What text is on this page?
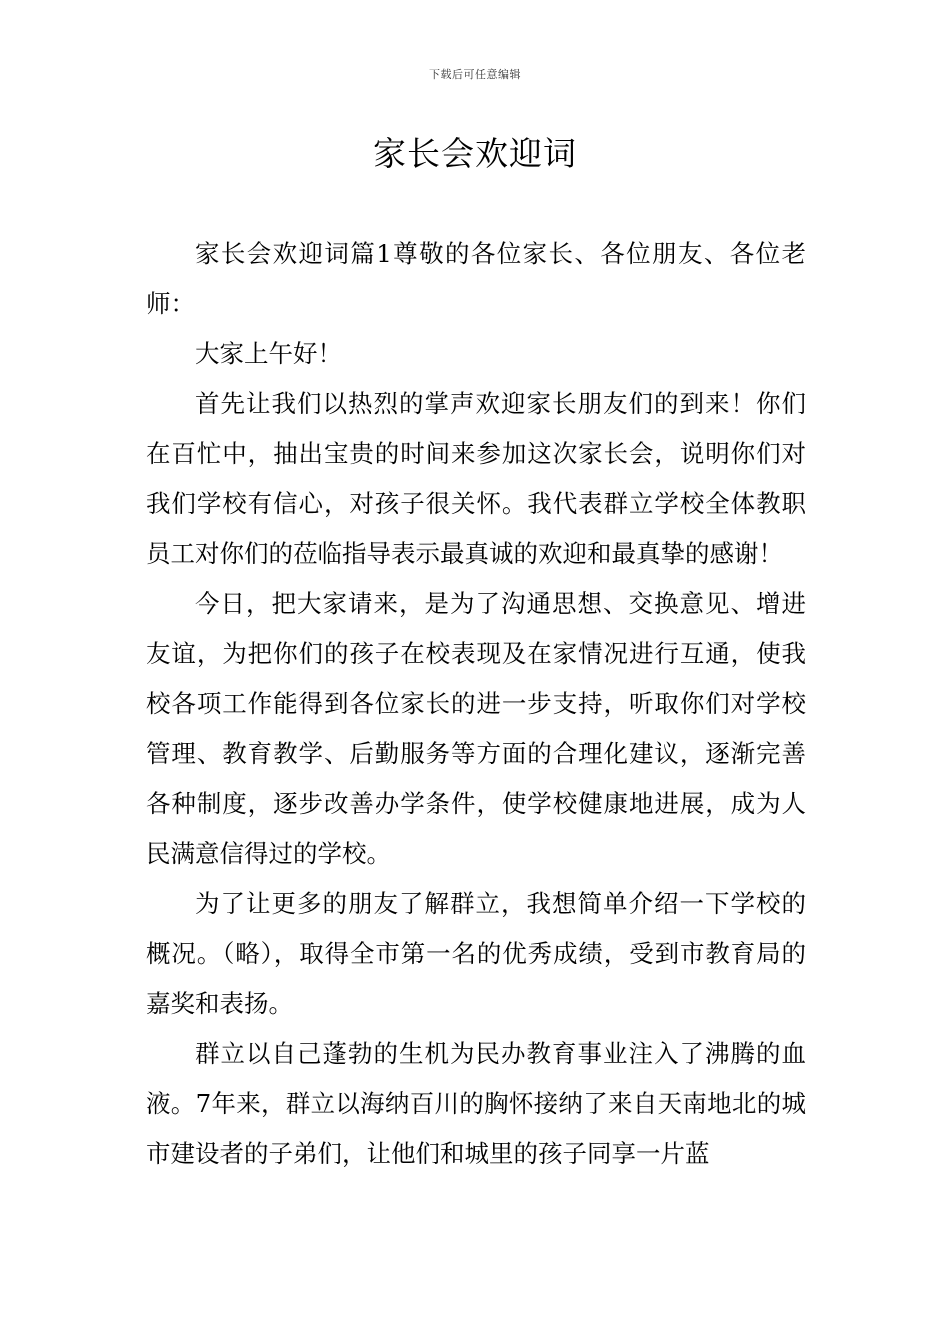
下载后可任意编辑
家长会欢迎词

家长会欢迎词篇1尊敬的各位家长、各位朋友、各位老师：

大家上午好！

首先让我们以热烈的掌声欢迎家长朋友们的到来！你们在百忙中，抽出宝贵的时间来参加这次家长会，说明你们对我们学校有信心，对孩子很关怀。我代表群立学校全体教职员工对你们的莅临指导表示最真诚的欢迎和最真挚的感谢！

今日，把大家请来，是为了沟通思想、交换意见、增进友谊，为把你们的孩子在校表现及在家情况进行互通，使我校各项工作能得到各位家长的进一步支持，听取你们对学校管理、教育教学、后勤服务等方面的合理化建议，逐渐完善各种制度，逐步改善办学条件，使学校健康地进展，成为人民满意信得过的学校。

为了让更多的朋友了解群立，我想简单介绍一下学校的概况。（略），取得全市第一名的优秀成绩，受到市教育局的嘉奖和表扬。

群立以自己蓬勃的生机为民办教育事业注入了沸腾的血液。7年来，群立以海纳百川的胸怀接纳了来自天南地北的城市建设者的子弟们，让他们和城里的孩子同享一片蓝
